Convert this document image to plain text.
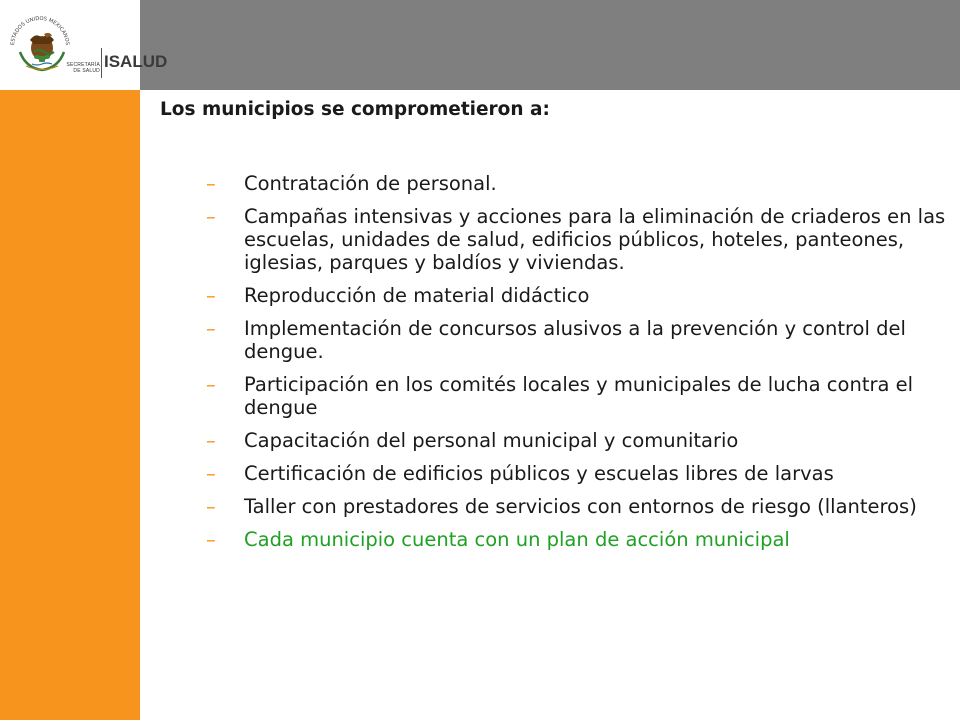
ESTADOS UNIDOS MEXICANOS
SECRETARÍA DE SALUD ISALUD
Los municipios se comprometieron a:
– Contratación de personal.
– Campañas intensivas y acciones para la eliminación de criaderos en las escuelas, unidades de salud, edificios públicos, hoteles, panteones, iglesias, parques y baldíos y viviendas.
– Reproducción de material didáctico
– Implementación de concursos alusivos a la prevención y control del dengue.
– Participación en los comités locales y municipales de lucha contra el dengue
– Capacitación del personal municipal y comunitario
– Certificación de edificios públicos y escuelas libres de larvas
– Taller con prestadores de servicios con entornos de riesgo (llanteros)
– Cada municipio cuenta con un plan de acción municipal
